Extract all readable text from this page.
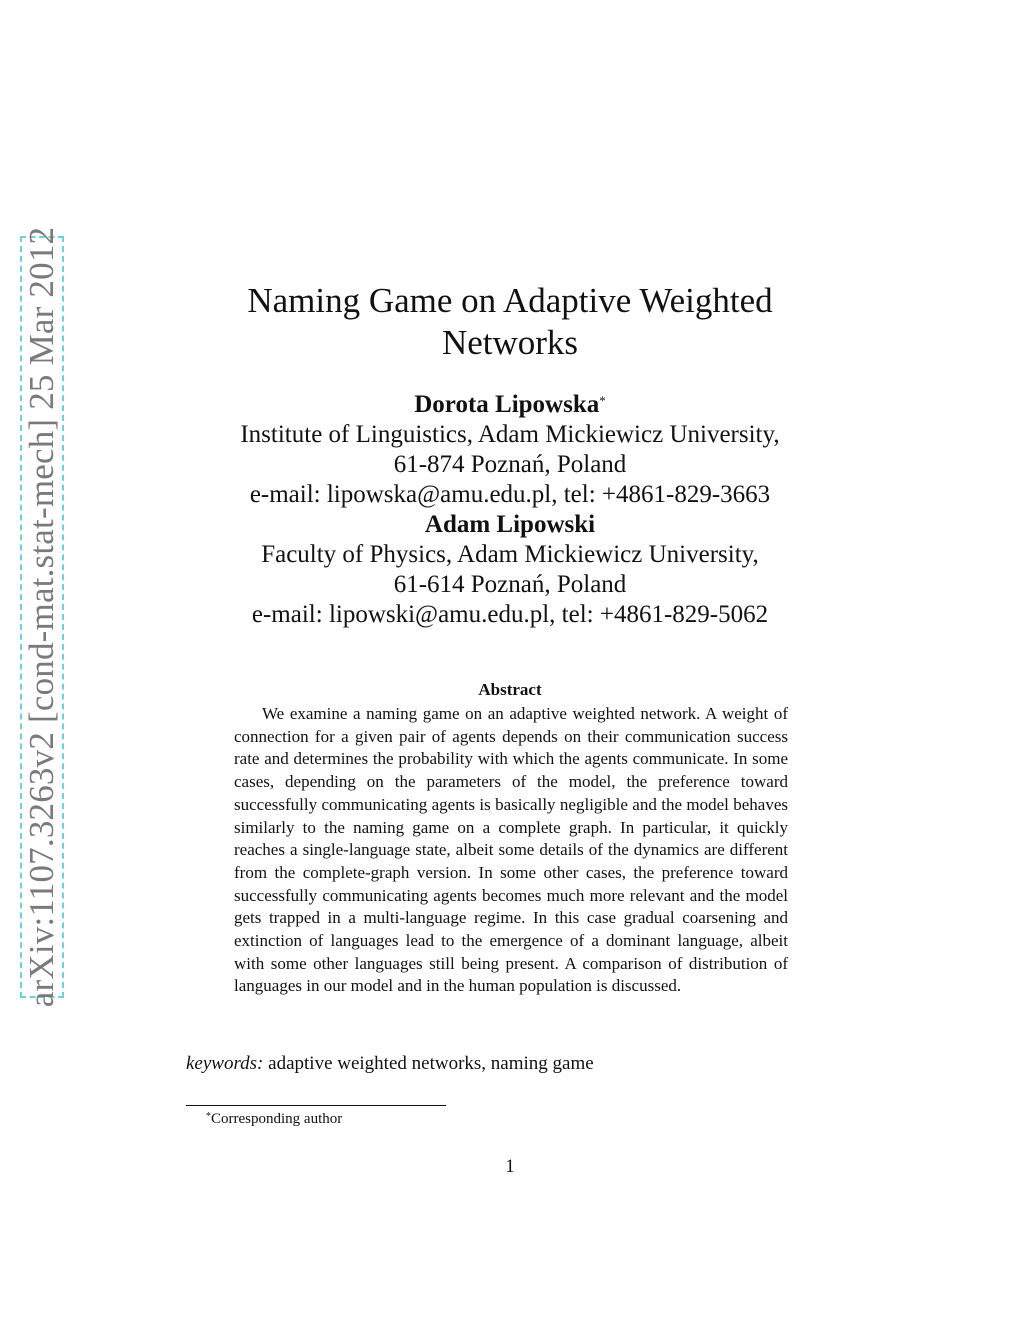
arXiv:1107.3263v2 [cond-mat.stat-mech] 25 Mar 2012	Naming Game on Adaptive Weighted Networks
Dorota Lipowska*
Institute of Linguistics, Adam Mickiewicz University,
61-874 Poznań, Poland
e-mail: lipowska@amu.edu.pl, tel: +4861-829-3663
Adam Lipowski
Faculty of Physics, Adam Mickiewicz University,
61-614 Poznań, Poland
e-mail: lipowski@amu.edu.pl, tel: +4861-829-5062
Abstract

We examine a naming game on an adaptive weighted network. A weight of connection for a given pair of agents depends on their communication success rate and determines the probability with which the agents communicate. In some cases, depending on the parameters of the model, the preference toward successfully communicating agents is basically negligible and the model behaves similarly to the naming game on a complete graph. In particular, it quickly reaches a single-language state, albeit some details of the dynamics are different from the complete-graph version. In some other cases, the preference toward successfully communicating agents becomes much more relevant and the model gets trapped in a multi-language regime. In this case gradual coarsening and extinction of languages lead to the emergence of a dominant language, albeit with some other languages still being present. A comparison of distribution of languages in our model and in the human population is discussed.

keywords: adaptive weighted networks, naming game
*Corresponding author
1
